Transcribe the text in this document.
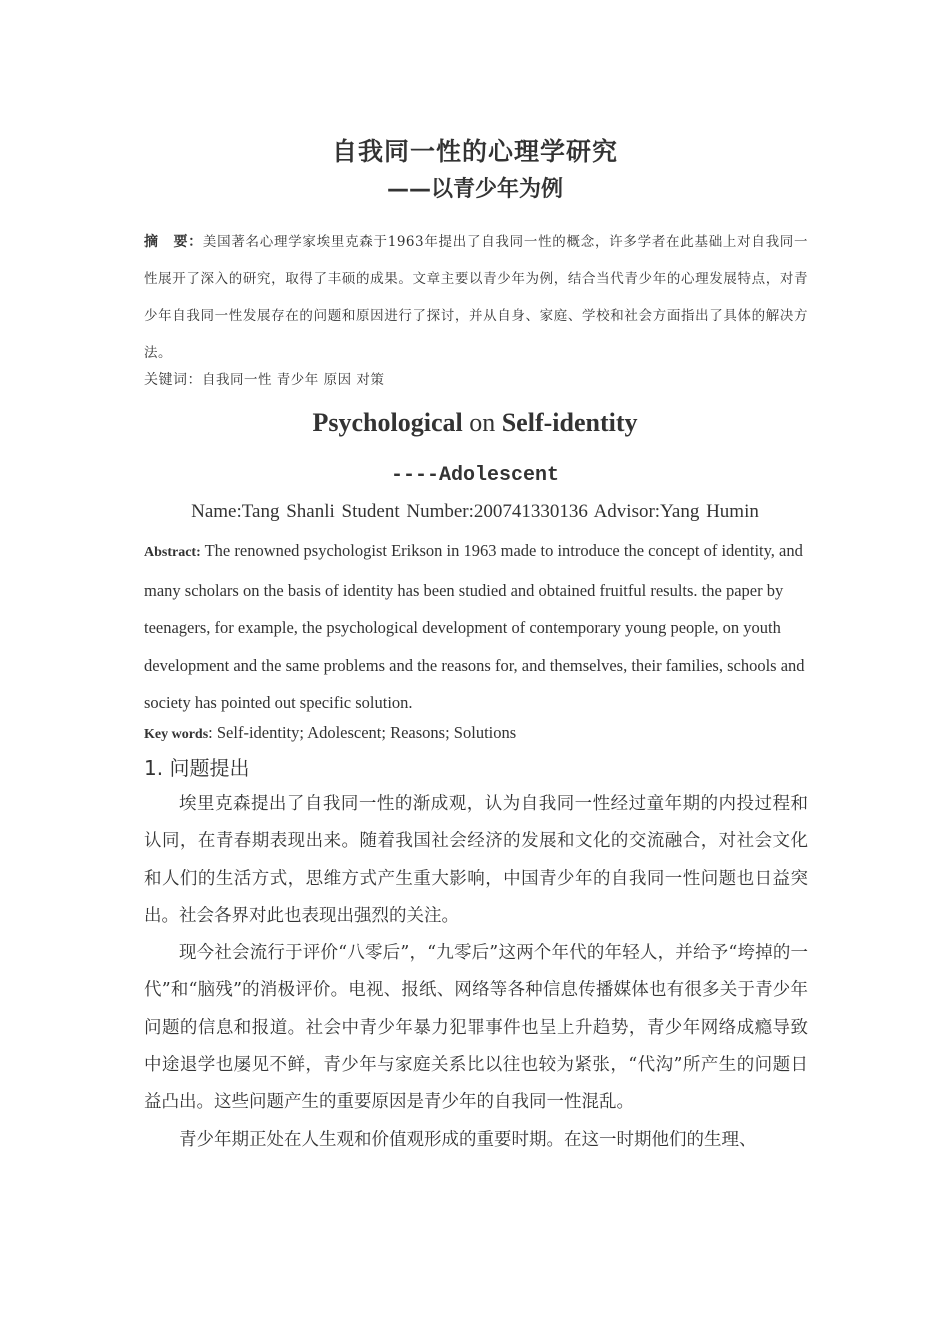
自我同一性的心理学研究
——以青少年为例
摘　要：美国著名心理学家埃里克森于1963年提出了自我同一性的概念，许多学者在此基础上对自我同一性展开了深入的研究，取得了丰硕的成果。文章主要以青少年为例，结合当代青少年的心理发展特点，对青少年自我同一性发展存在的问题和原因进行了探讨，并从自身、家庭、学校和社会方面指出了具体的解决方法。
关键词：自我同一性 青少年 原因 对策
Psychological on Self-identity
----Adolescent
Name:Tang Shanli Student Number:200741330136 Advisor:Yang Humin
Abstract: The renowned psychologist Erikson in 1963 made to introduce the concept of identity, and many scholars on the basis of identity has been studied and obtained fruitful results. the paper by teenagers, for example, the psychological development of contemporary young people, on youth development and the same problems and the reasons for, and themselves, their families, schools and society has pointed out specific solution.
Key words: Self-identity; Adolescent; Reasons; Solutions
1. 问题提出

埃里克森提出了自我同一性的渐成观，认为自我同一性经过童年期的内投过程和认同，在青春期表现出来。随着我国社会经济的发展和文化的交流融合，对社会文化和人们的生活方式，思维方式产生重大影响，中国青少年的自我同一性问题也日益突出。社会各界对此也表现出强烈的关注。

现今社会流行于评价“八零后”，“九零后”这两个年代的年轻人，并给予“垮掉的一代”和“脑残”的消极评价。电视、报纸、网络等各种信息传播媒体也有很多关于青少年问题的信息和报道。社会中青少年暴力犯罪事件也呈上升趋势，青少年网络成瘾导致中途退学也屡见不鲜，青少年与家庭关系比以往也较为紧张，“代沟”所产生的问题日益凸出。这些问题产生的重要原因是青少年的自我同一性混乱。

青少年期正处在人生观和价值观形成的重要时期。在这一时期他们的生理、
